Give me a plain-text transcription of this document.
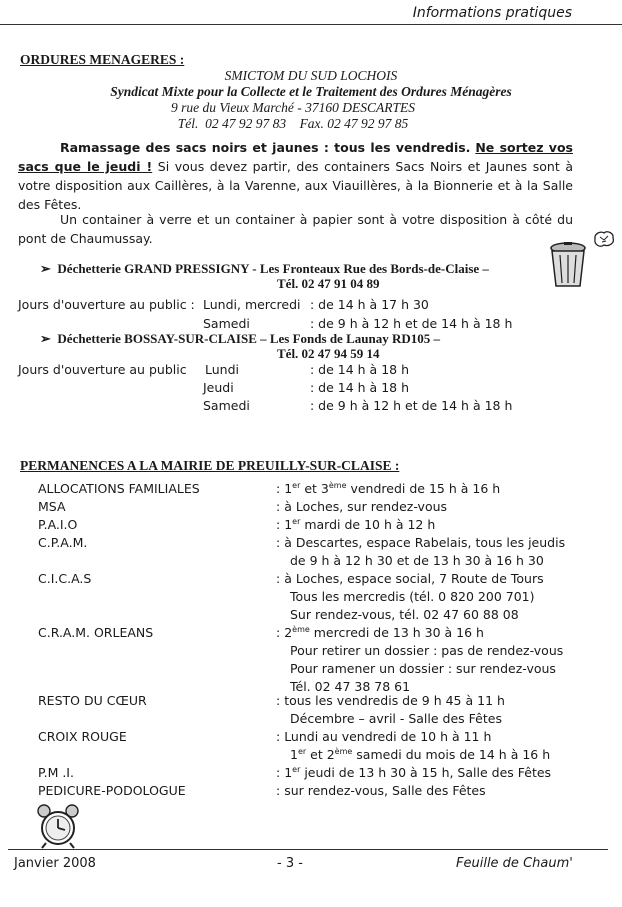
Informations pratiques
ORDURES MENAGERES :
SMICTOM DU SUD LOCHOIS
Syndicat Mixte pour la Collecte et le Traitement des Ordures Ménagères
9 rue du Vieux Marché - 37160 DESCARTES
Tél.  02 47 92 97 83    Fax. 02 47 92 97 85
Ramassage des sacs noirs et jaunes : tous les vendredis. Ne sortez vos sacs que le jeudi ! Si vous devez partir, des containers Sacs Noirs et Jaunes sont à votre disposition aux Caillères, à la Varenne, aux Viauillères, à la Bionnerie et à la Salle des Fêtes.
Un container à verre et un container à papier sont à votre disposition à côté du pont de Chaumussay.
➢ Déchetterie GRAND PRESSIGNY - Les Fronteaux Rue des Bords-de-Claise –
Tél. 02 47 91 04 89
Jours d'ouverture au public : Lundi, mercredi : de 14 h à 17 h 30
Samedi	: de 9 h à 12 h et de 14 h à 18 h
➢ Déchetterie BOSSAY-SUR-CLAISE – Les Fonds de Launay RD105 –
Tél. 02 47 94 59 14
Jours d'ouverture au public Lundi	: de 14 h à 18 h
Jeudi	: de 14 h à 18 h
Samedi	: de 9 h à 12 h et de 14 h à 18 h
PERMANENCES A LA MAIRIE DE PREUILLY-SUR-CLAISE :
ALLOCATIONS FAMILIALES	: 1er et 3ème vendredi de 15 h à 16 h
MSA	: à Loches, sur rendez-vous
P.A.I.O	: 1er mardi de 10 h à 12 h
C.P.A.M.	: à Descartes, espace Rabelais, tous les jeudis
de 9 h à 12 h 30 et de 13 h 30 à 16 h 30
C.I.C.A.S	: à Loches, espace social, 7 Route de Tours
Tous les mercredis (tél. 0 820 200 701)
Sur rendez-vous, tél. 02 47 60 88 08
C.R.A.M. ORLEANS	: 2ème mercredi de 13 h 30 à 16 h
Pour retirer un dossier : pas de rendez-vous
Pour ramener un dossier : sur rendez-vous
Tél. 02 47 38 78 61
RESTO DU CŒUR	: tous les vendredis de 9 h 45 à 11 h
Décembre – avril - Salle des Fêtes
CROIX ROUGE	: Lundi au vendredi de 10 h à 11 h
1er et 2ème samedi du mois de 14 h à 16 h
P.M .I.	: 1er jeudi de 13 h 30 à 15 h, Salle des Fêtes
PEDICURE-PODOLOGUE	: sur rendez-vous, Salle des Fêtes
Janvier 2008	- 3 -	Feuille de Chaum'
